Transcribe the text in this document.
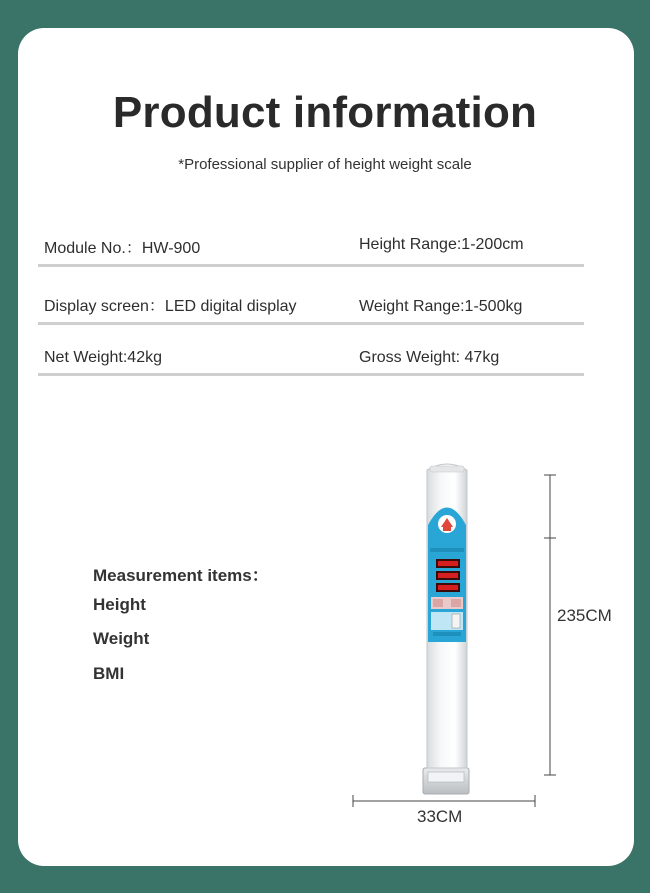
Product information
*Professional supplier of height weight scale
Module No.：HW-900	Height Range:1-200cm
Display screen：LED digital display	Weight Range:1-500kg
Net Weight:42kg	Gross Weight: 47kg
Measurement items：
Height
Weight
BMI
235CM
33CM
